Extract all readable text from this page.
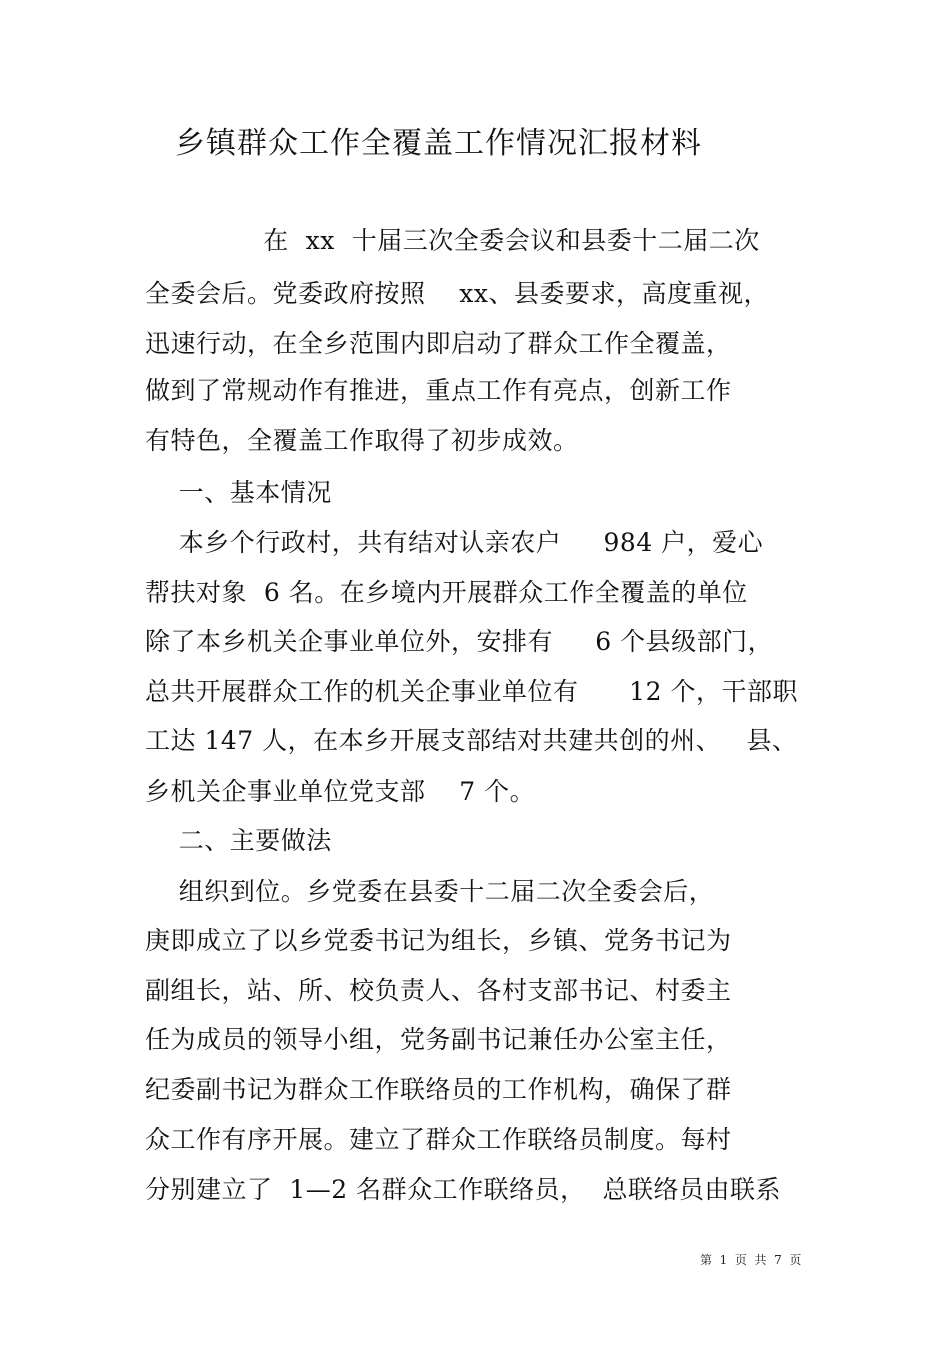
乡镇群众工作全覆盖工作情况汇报材料
在  xx  十届三次全委会议和县委十二届二次
全委会后。党委政府按照    xx、县委要求，高度重视，
迅速行动，在全乡范围内即启动了群众工作全覆盖，
做到了常规动作有推进，重点工作有亮点，创新工作
有特色，全覆盖工作取得了初步成效。
一、基本情况
本乡个行政村，共有结对认亲农户     984 户，爱心
帮扶对象  6 名。在乡境内开展群众工作全覆盖的单位
除了本乡机关企事业单位外，安排有     6 个县级部门，
总共开展群众工作的机关企事业单位有      12 个，干部职
工达 147 人，在本乡开展支部结对共建共创的州、   县、
乡机关企事业单位党支部    7 个。
二、主要做法
组织到位。乡党委在县委十二届二次全委会后，
庚即成立了以乡党委书记为组长，乡镇、党务书记为
副组长，站、所、校负责人、各村支部书记、村委主
任为成员的领导小组，党务副书记兼任办公室主任，
纪委副书记为群众工作联络员的工作机构，确保了群
众工作有序开展。建立了群众工作联络员制度。每村
分别建立了  1—2 名群众工作联络员，  总联络员由联系
第  1  页  共  7  页
